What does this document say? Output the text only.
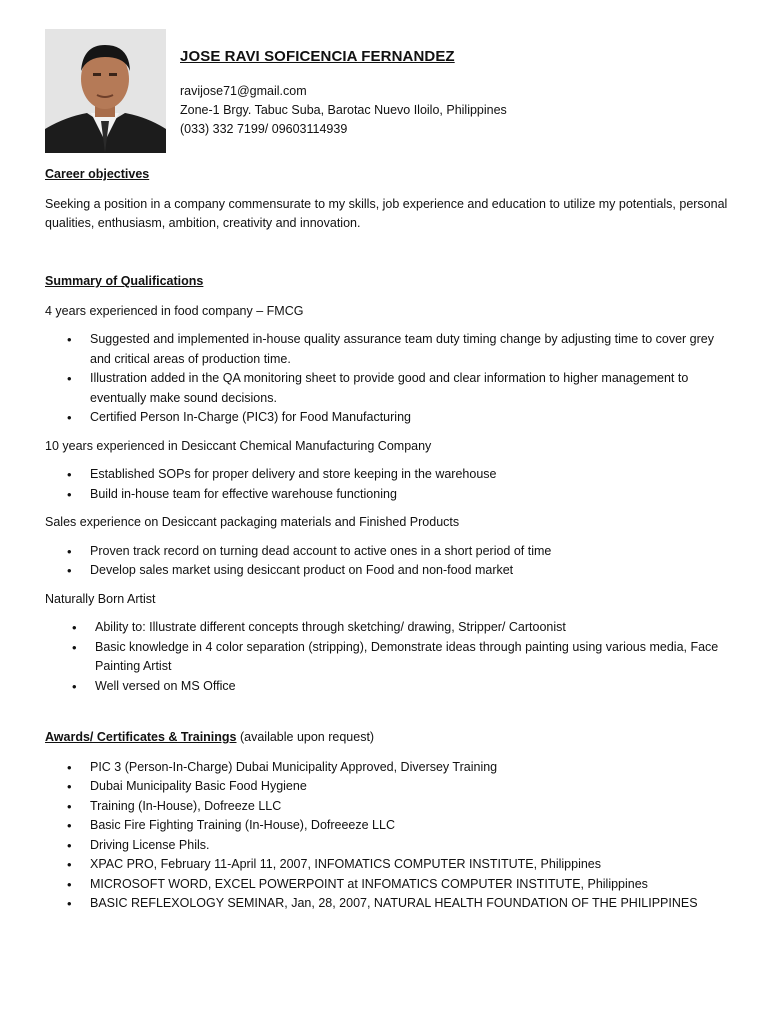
JOSE RAVI SOFICENCIA FERNANDEZ
ravijose71@gmail.com
Zone-1 Brgy. Tabuc Suba, Barotac Nuevo Iloilo, Philippines
(033) 332 7199/ 09603114939
Career objectives
Seeking a position in a company commensurate to my skills, job experience and education to utilize my potentials, personal qualities, enthusiasm, ambition, creativity and innovation.
Summary of Qualifications
4 years experienced in food company – FMCG
• Suggested and implemented in-house quality assurance team duty timing change by adjusting time to cover grey and critical areas of production time.
• Illustration added in the QA monitoring sheet to provide good and clear information to higher management to eventually make sound decisions.
• Certified Person In-Charge (PIC3) for Food Manufacturing
10 years experienced in Desiccant Chemical Manufacturing Company
• Established SOPs for proper delivery and store keeping in the warehouse
• Build in-house team for effective warehouse functioning
Sales experience on Desiccant packaging materials and Finished Products
• Proven track record on turning dead account to active ones in a short period of time
• Develop sales market using desiccant product on Food and non-food market
Naturally Born Artist
• Ability to: Illustrate different concepts through sketching/ drawing, Stripper/ Cartoonist
• Basic knowledge in 4 color separation (stripping), Demonstrate ideas through painting using various media, Face Painting Artist
• Well versed on MS Office
Awards/ Certificates & Trainings (available upon request)
• PIC 3 (Person-In-Charge) Dubai Municipality Approved, Diversey Training
• Dubai Municipality Basic Food Hygiene
• Training (In-House), Dofreeze LLC
• Basic Fire Fighting Training (In-House), Dofreeeze LLC
• Driving License Phils.
• XPAC PRO, February 11-April 11, 2007, INFOMATICS COMPUTER INSTITUTE, Philippines
• MICROSOFT WORD, EXCEL POWERPOINT at INFOMATICS COMPUTER INSTITUTE, Philippines
• BASIC REFLEXOLOGY SEMINAR, Jan, 28, 2007, NATURAL HEALTH FOUNDATION OF THE PHILIPPINES
